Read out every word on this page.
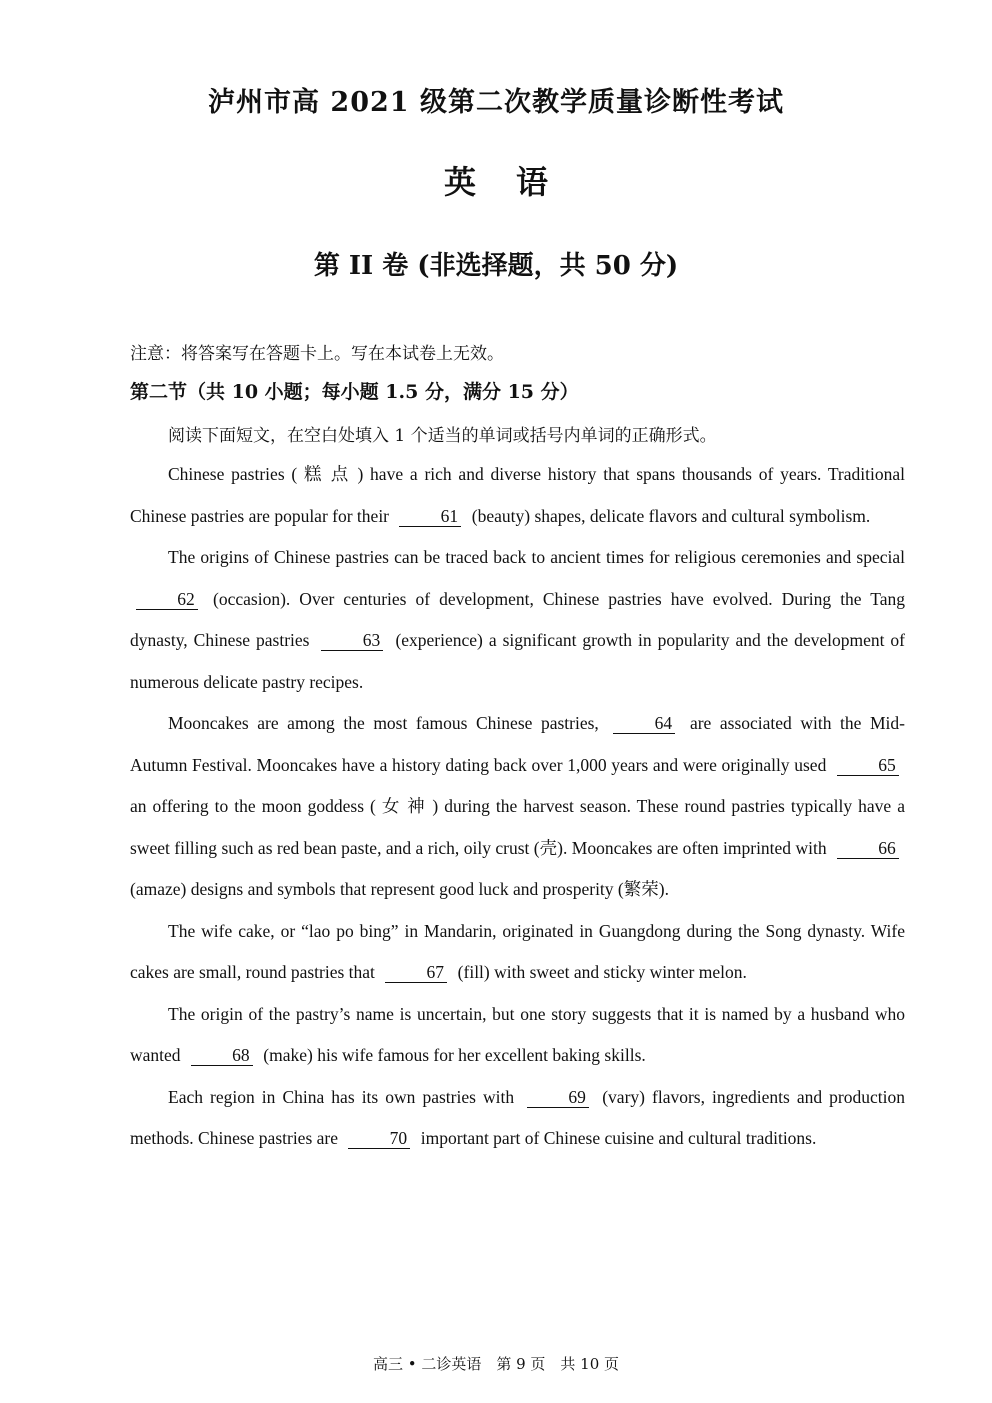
泸州市高 2021 级第二次教学质量诊断性考试
英语
第 II 卷 (非选择题，共 50 分)
注意：将答案写在答题卡上。写在本试卷上无效。
第二节（共 10 小题；每小题 1.5 分，满分 15 分）
阅读下面短文，在空白处填入 1 个适当的单词或括号内单词的正确形式。

Chinese pastries ( 糕 点 ) have a rich and diverse history that spans thousands of years. Traditional Chinese pastries are popular for their	61 (beauty) shapes, delicate flavors and cultural symbolism.

The origins of Chinese pastries can be traced back to ancient times for religious ceremonies and special 62 (occasion). Over centuries of development, Chinese pastries have evolved. During the Tang dynasty, Chinese pastries	63 (experience) a significant growth in popularity and the development of numerous delicate pastry recipes.

Mooncakes are among the most famous Chinese pastries,	64 are associated with the Mid-Autumn Festival. Mooncakes have a history dating back over 1,000 years and were originally used	65 an offering to the moon goddess ( 女 神 ) during the harvest season. These round pastries typically have a sweet filling such as red bean paste, and a rich, oily crust (壳). Mooncakes are often imprinted with	66 (amaze) designs and symbols that represent good luck and prosperity (繁荣).

The wife cake, or “lao po bing” in Mandarin, originated in Guangdong during the Song dynasty. Wife cakes are small, round pastries that	67 (fill) with sweet and sticky winter melon.

The origin of the pastry’s name is uncertain, but one story suggests that it is named by a husband who wanted	68 (make) his wife famous for her excellent baking skills.

Each region in China has its own pastries with	69 (vary) flavors, ingredients and production methods. Chinese pastries are	70 important part of Chinese cuisine and cultural traditions.

高三 • 二诊英语　第 9 页　共 10 页
